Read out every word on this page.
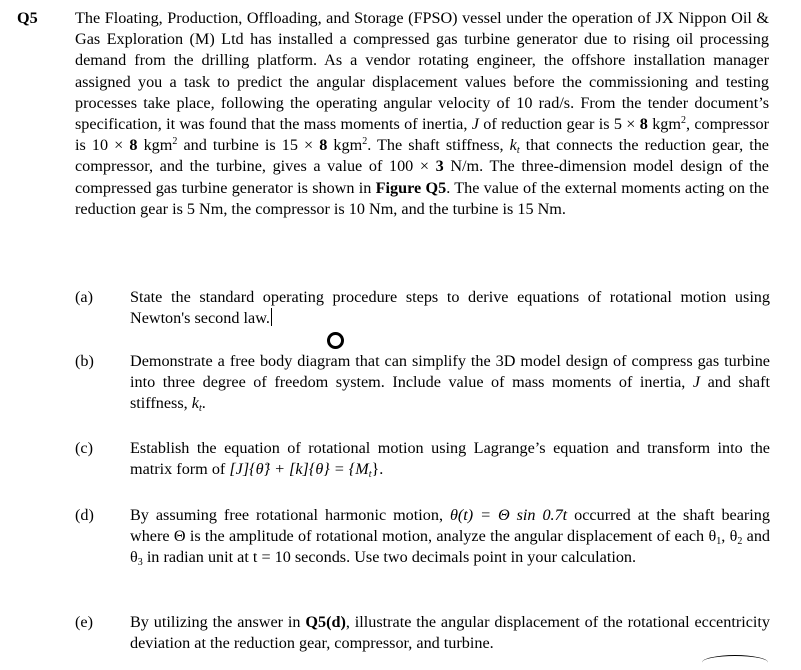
Q5 The Floating, Production, Offloading, and Storage (FPSO) vessel under the operation of JX Nippon Oil & Gas Exploration (M) Ltd has installed a compressed gas turbine generator due to rising oil processing demand from the drilling platform. As a vendor rotating engineer, the offshore installation manager assigned you a task to predict the angular displacement values before the commissioning and testing processes take place, following the operating angular velocity of 10 rad/s. From the tender document’s specification, it was found that the mass moments of inertia, J of reduction gear is 5 × 8 kgm$^2$, compressor is 10 × 8 kgm$^2$ and turbine is 15 × 8 kgm$^2$. The shaft stiffness, $k_t$ that connects the reduction gear, the compressor, and the turbine, gives a value of 100 × 3 N/m. The three-dimension model design of the compressed gas turbine generator is shown in Figure Q5. The value of the external moments acting on the reduction gear is 5 Nm, the compressor is 10 Nm, and the turbine is 15 Nm.
(a) State the standard operating procedure steps to derive equations of rotational motion using Newton's second law.
(b) Demonstrate a free body diagram that can simplify the 3D model design of compress gas turbine into three degree of freedom system. Include value of mass moments of inertia, J and shaft stiffness, $k_t$.
(c) Establish the equation of rotational motion using Lagrange’s equation and transform into the matrix form of [J]{θ̈} + $[k]\{\theta\} = \{M_t\}$.
(d) By assuming free rotational harmonic motion, θ(t) = Θ sin 0.7t occurred at the shaft bearing where Θ is the amplitude of rotational motion, analyze the angular displacement of each $\theta_1$, $\theta_2$ and $\theta_3$ in radian unit at t = 10 seconds. Use two decimals point in your calculation.
(e) By utilizing the answer in Q5(d), illustrate the angular displacement of the rotational eccentricity deviation at the reduction gear, compressor, and turbine.
